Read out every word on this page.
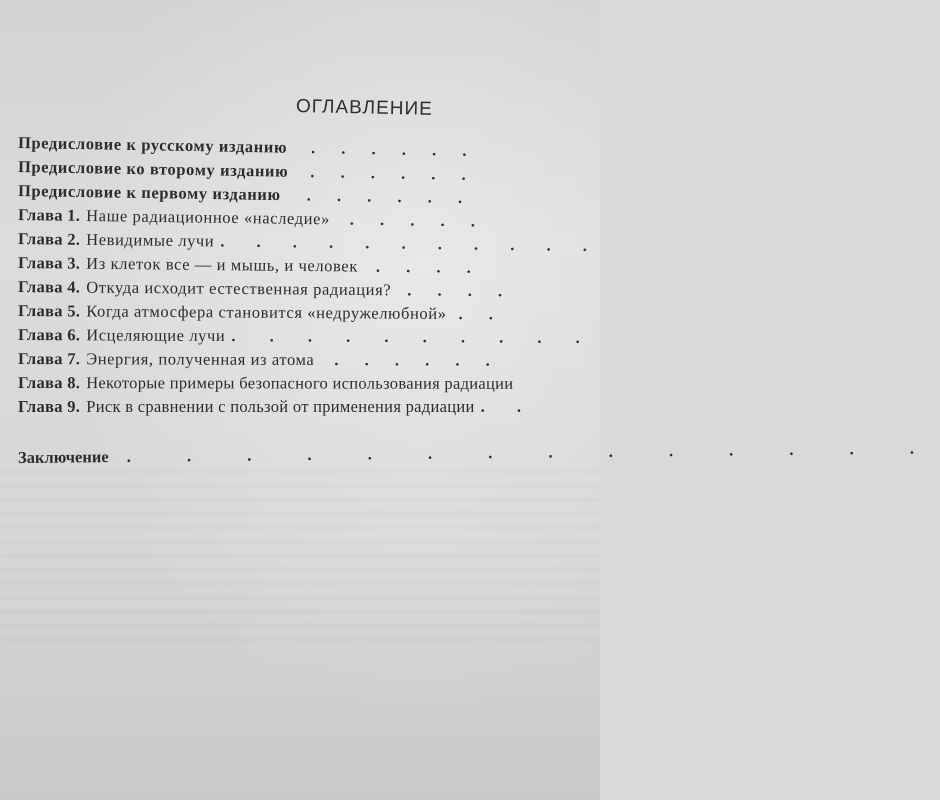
ОГЛАВЛЕНИЕ
Предисловие к русскому изданию . . . . . .
Предисловие ко второму изданию . . . . . .
Предисловие к первому изданию . . . . . .
Глава 1. Наше радиационное «наследие» . . . . .
Глава 2. Невидимые лучи . . . . . . . . . . .
Глава 3. Из клеток все — и мышь, и человек . . . .
Глава 4. Откуда исходит естественная радиация? . . . .
Глава 5. Когда атмосфера становится «недружелюбной» . .
Глава 6. Исцеляющие лучи . . . . . . . . . .
Глава 7. Энергия, полученная из атома . . . . . .
Глава 8. Некоторые примеры безопасного использования радиации
Глава 9. Риск в сравнении с пользой от применения радиации . .
Заключение . . . . . . . . . . . . . .
